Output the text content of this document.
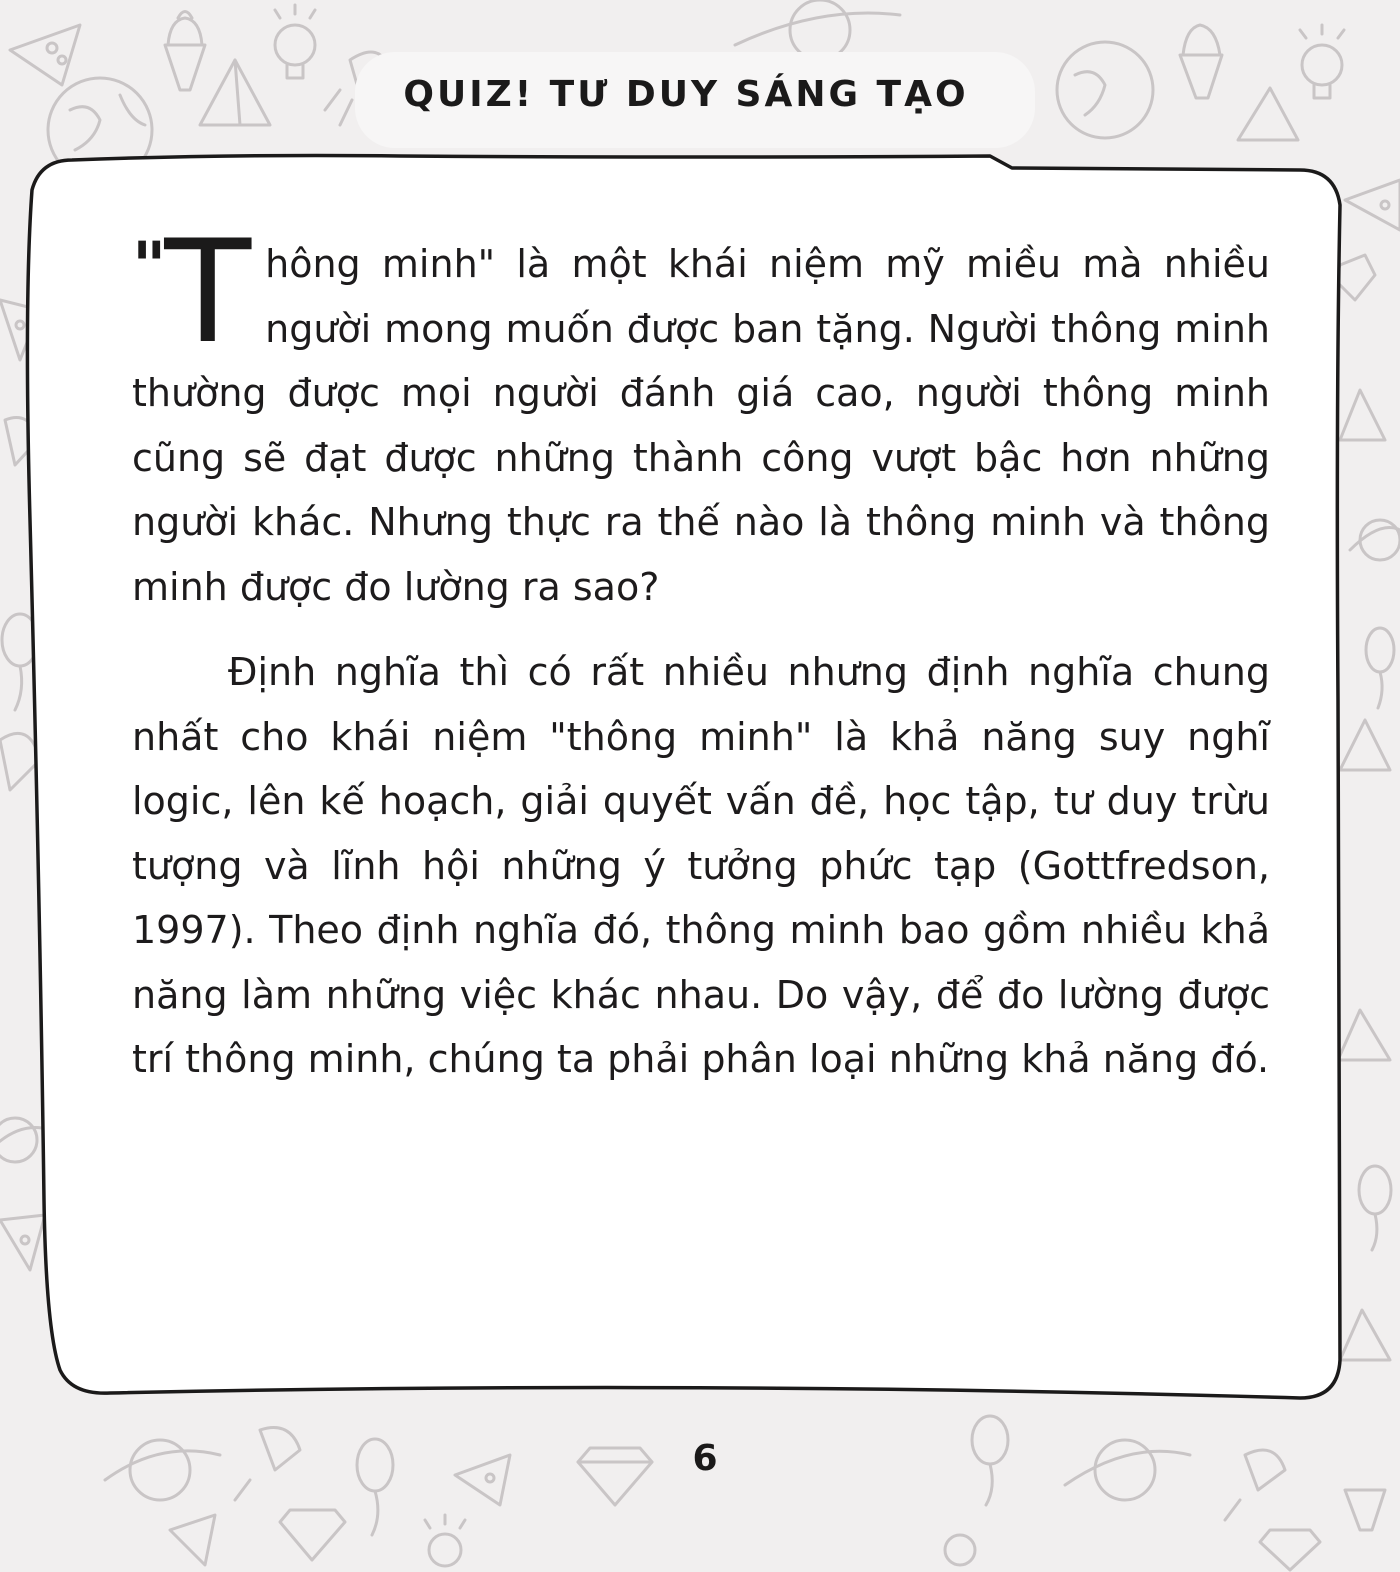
QUIZ! TƯ DUY SÁNG TẠO

"
T hông minh" là một khái niệm mỹ miều mà nhiều người mong muốn được ban tặng. Người thông minh thường được mọi người đánh giá cao, người thông minh cũng sẽ đạt được những thành công vượt bậc hơn những người khác. Nhưng thực ra thế nào là thông minh và thông minh được đo lường ra sao?

Định nghĩa thì có rất nhiều nhưng định nghĩa chung nhất cho khái niệm "thông minh" là khả năng suy nghĩ logic, lên kế hoạch, giải quyết vấn đề, học tập, tư duy trừu tượng và lĩnh hội những ý tưởng phức tạp (Gottfredson, 1997). Theo định nghĩa đó, thông minh bao gồm nhiều khả năng làm những việc khác nhau. Do vậy, để đo lường được trí thông minh, chúng ta phải phân loại những khả năng đó.

6
